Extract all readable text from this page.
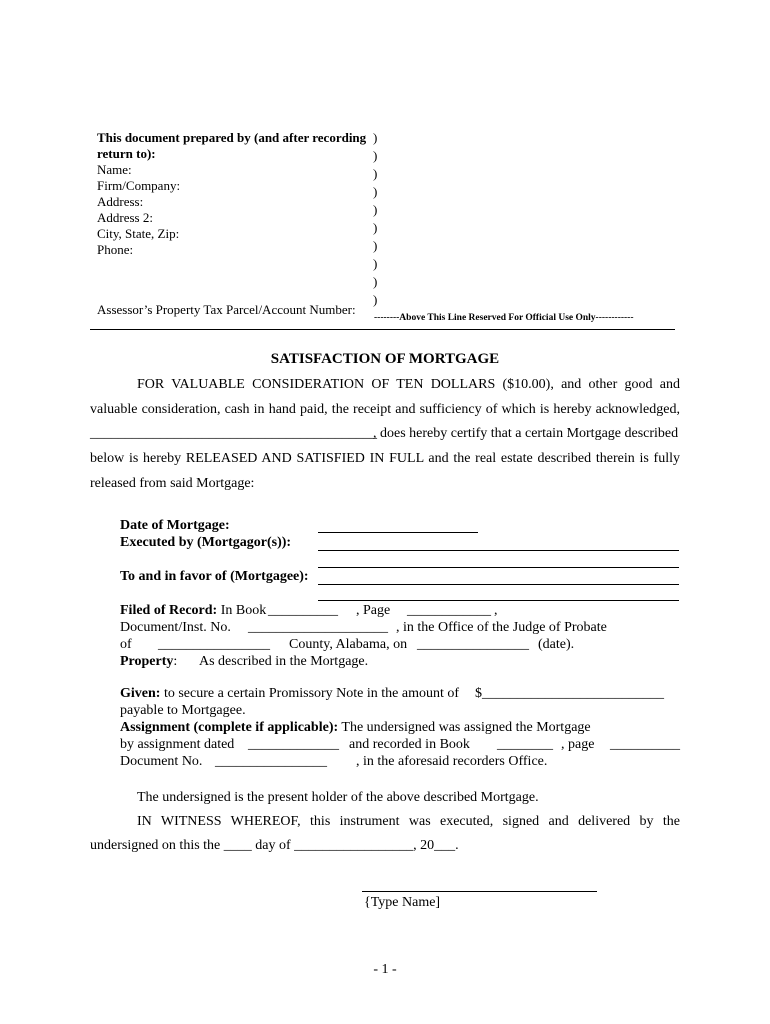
This document prepared by (and after recording
return to):
Name:
Firm/Company:
Address:
Address 2:
City, State, Zip:
Phone:
Assessor’s Property Tax Parcel/Account Number:
)
)
)
)
)
)
)
)
)
)
--------Above This Line Reserved For Official Use Only------------
SATISFACTION OF MORTGAGE
FOR VALUABLE CONSIDERATION OF TEN DOLLARS ($10.00), and other good and
valuable consideration, cash in hand paid, the receipt and sufficiency of which is hereby acknowledged,
_________________________________________
, does hereby certify that a certain Mortgage described
below is hereby RELEASED AND SATISFIED IN FULL and the real estate described therein is fully
released from said Mortgage:
Date of Mortgage:
Executed by (Mortgagor(s)):
To and in favor of (Mortgagee):
Filed of Record: In Book __________ , Page ____________ ,
Document/Inst. No. ____________________ , in the Office of the Judge of Probate
of ________________ County, Alabama, on ________________ (date).
Property: As described in the Mortgage.
Given: to secure a certain Promissory Note in the amount of $__________________________
payable to Mortgagee.
Assignment (complete if applicable): The undersigned was assigned the Mortgage
by assignment dated _____________ and recorded in Book ________ , page __________
Document No. ________________ , in the aforesaid recorders Office.
The undersigned is the present holder of the above described Mortgage.
IN WITNESS WHEREOF, this instrument was executed, signed and delivered by the
undersigned on this the ____ day of _________________, 20___.
{Type Name]
- 1 -
